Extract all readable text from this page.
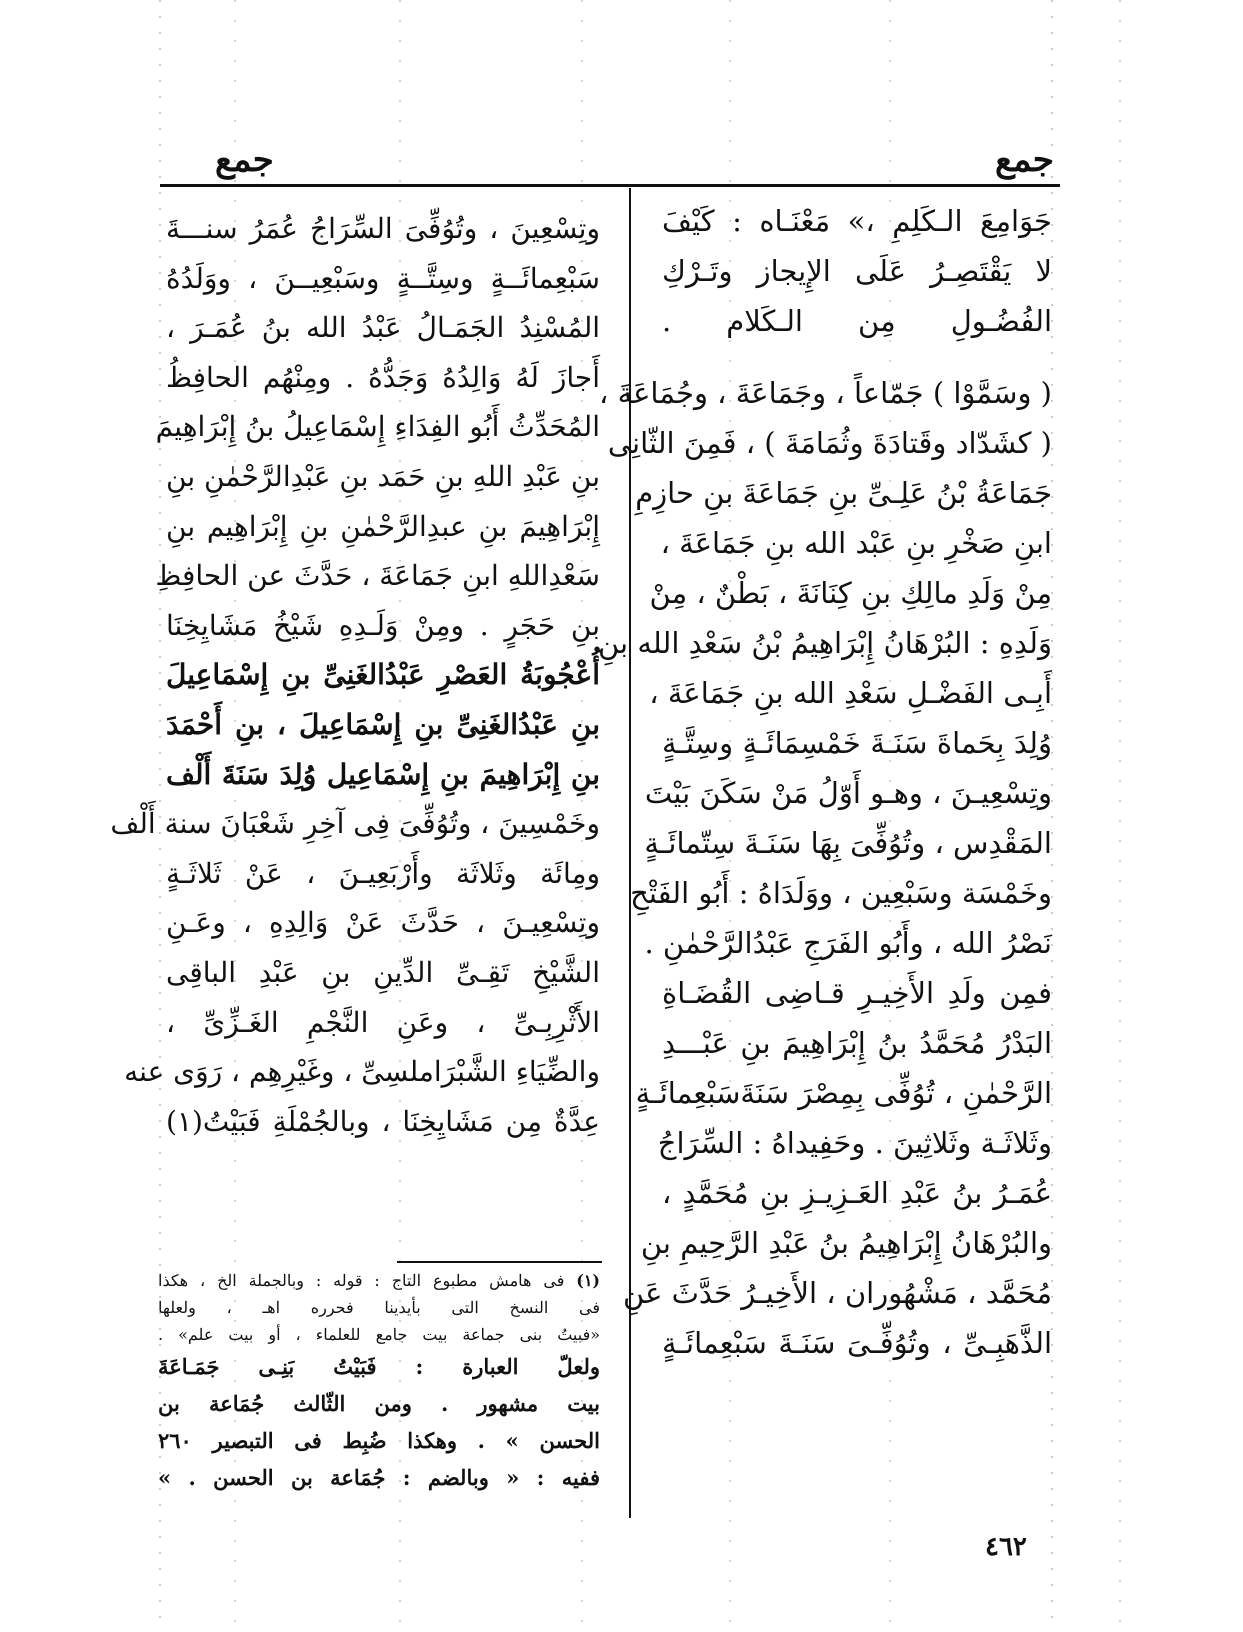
جمع
جمع
جَوَامِعَ الـكَلِمِ ،» مَعْنَـاه : كَيْفَ
لا يَقْتَصِـرُ عَلَى الإِيجاز وتَـرْكِ
الفُضُـولِ مِن الـكَلام .
( وسَمَّوْا ) جَمّاعاً ، وجَمَاعَةَ ، وجُمَاعَةَ ،
( كشَدّاد وقَتادَةَ وثُمَامَةَ ) ، فَمِنَ الثّانِى
جَمَاعَةُ بْنُ عَلِـىِّ بنِ جَمَاعَةَ بنِ حازِمِ
ابنِ صَخْرِ بنِ عَبْد الله بنِ جَمَاعَةَ ،
مِنْ وَلَدِ مالِكِ بنِ كِنَانَةَ ، بَطْنٌ ، مِنْ
وَلَدِهِ : البُرْهَانُ إِبْرَاهِيمُ بْنُ سَعْدِ الله بنِ
أَبِـى الفَضْـلِ سَعْدِ الله بنِ جَمَاعَةَ ،
وُلِدَ بِحَماةَ سَنَـةَ خَمْسِمَائَـةٍ وسِتَّـةٍ
وتِسْعِيـنَ ، وهـو أَوّلُ مَنْ سَكَنَ بَيْتَ
المَقْدِس ، وتُوُفِّىَ بِهَا سَنَـةَ سِتّمائَـةٍ
وخَمْسَة وسَبْعِين ، ووَلَدَاهُ : أَبُو الفَتْحِ
نَصْرُ الله ، وأَبُو الفَرَجِ عَبْدُالرَّحْمٰنِ .
فمِن ولَدِ الأَخِيـرِ قـاضِى القُضَـاةِ
البَدْرُ مُحَمَّدُ بنُ إِبْرَاهِيمَ بنِ عَبْـــدِ
الرَّحْمٰنِ ، تُوُفِّى بِمِصْرَ سَنَةَسَبْعِمائَـةٍ
وثَلاثَـة وثَلاثِينَ . وحَفِيداهُ : السِّرَاجُ
عُمَـرُ بنُ عَبْدِ العَـزِيـزِ بنِ مُحَمَّدٍ ،
والبُرْهَانُ إِبْرَاهِيمُ بنُ عَبْدِ الرَّحِيمِ بنِ
مُحَمَّد ، مَشْهُوران ، الأَخِيـرُ حَدَّثَ عَنِ
الذَّهَبِـىِّ ، وتُوُفِّـىَ سَنَـةَ سَبْعِمائَـةٍ
وتِسْعِينَ ، وتُوُفِّىَ السِّرَاجُ عُمَرُ سنـــةَ
سَبْعِمائَــةٍ وسِتَّــةٍ وسَبْعِيــنَ ، ووَلَدُهُ
المُسْنِدُ الجَمَـالُ عَبْدُ الله بنُ عُمَـرَ ،
أَجازَ لَهُ وَالِدُهُ وَجَدُّهُ . ومِنْهُم الحافِظُ
المُحَدِّثُ أَبُو الفِدَاءِ إِسْمَاعِيلُ بنُ إِبْرَاهِيمَ
بنِ عَبْدِ اللهِ بنِ حَمَد بنِ عَبْدِالرَّحْمٰنِ بنِ
إِبْرَاهِيمَ بنِ عبدِالرَّحْمٰنِ بنِ إِبْرَاهِيم بنِ
سَعْدِاللهِ ابنِ جَمَاعَةَ ، حَدَّثَ عن الحافِظِ
بنِ حَجَرٍ . ومِنْ وَلَـدِهِ شَيْخُ مَشَايِخِنَا
أُعْجُوبَةُ العَصْرِ عَبْدُالغَنِىِّ بنِ إِسْمَاعِيلَ
بنِ عَبْدُالغَنِىِّ بنِ إِسْمَاعِيلَ ، بنِ أَحْمَدَ
بنِ إِبْرَاهِيمَ بنِ إِسْمَاعِيل وُلِدَ سَنَةَ أَلْف
وخَمْسِينَ ، وتُوُفِّىَ فِى آخِرِ شَعْبَانَ سنة أَلْف
ومِائَة وثَلاثَة وأَرْبَعِيـنَ ، عَنْ ثَلاثَـةٍ
وتِسْعِيـنَ ، حَدَّثَ عَنْ وَالِدِهِ ، وعَـنِ
الشَّيْخِ تَقِـىِّ الدِّينِ بنِ عَبْدِ الباقِى
الأَثْرِبِـىِّ ، وعَنِ النَّجْمِ الغَـزِّىِّ ،
والضِّيَاءِ الشَّبْرَاملسِىِّ ، وغَيْرِهِم ، رَوَى عنه
عِدَّةٌ مِن مَشَايِخِنَا ، وبالجُمْلَةِ فَبَيْتُ(١)
(١) فى هامش مطبوع التاج : قوله : وبالجملة الخ ، هكذا
فى النسخ التى بأيدينا فحرره اهـ ، ولعلها
«فبيتُ بنى جماعة بيت جامع للعلماء ، أو بيت علم» .
ولعلّ العبارة : فَبَيْتُ بَنِـى جَمَـاعَةَ
بيت مشهور . ومن الثّالث جُمَاعة بن
الحسن » . وهكذا ضُبِط فى التبصير ٢٦٠
ففيه : « وبالضم : جُمَاعة بن الحسن . »
٤٦٢
